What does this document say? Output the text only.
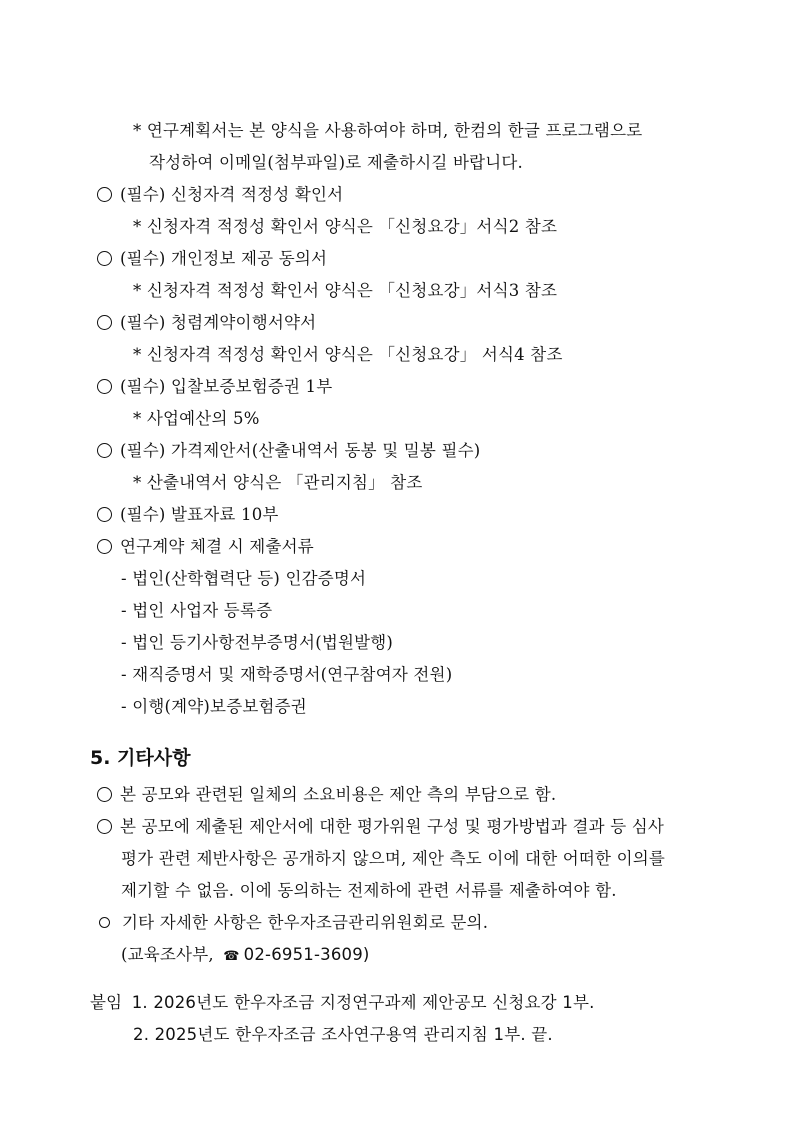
* 연구계획서는 본 양식을 사용하여야 하며, 한컴의 한글 프로그램으로
작성하여 이메일(첨부파일)로 제출하시길 바랍니다.
(필수) 신청자격 적정성 확인서
* 신청자격 적정성 확인서 양식은 「신청요강」서식2 참조
(필수) 개인정보 제공 동의서
* 신청자격 적정성 확인서 양식은 「신청요강」서식3 참조
(필수) 청렴계약이행서약서
* 신청자격 적정성 확인서 양식은 「신청요강」 서식4 참조
(필수) 입찰보증보험증권 1부
* 사업예산의 5%
(필수) 가격제안서(산출내역서 동봉 및 밀봉 필수)
* 산출내역서 양식은 「관리지침」 참조
(필수) 발표자료 10부
연구계약 체결 시 제출서류
- 법인(산학협력단 등) 인감증명서
- 법인 사업자 등록증
- 법인 등기사항전부증명서(법원발행)
- 재직증명서 및 재학증명서(연구참여자 전원)
- 이행(계약)보증보험증권
5. 기타사항
본 공모와 관련된 일체의 소요비용은 제안 측의 부담으로 함.
본 공모에 제출된 제안서에 대한 평가위원 구성 및 평가방법과 결과 등 심사
평가 관련 제반사항은 공개하지 않으며, 제안 측도 이에 대한 어떠한 이의를
제기할 수 없음. 이에 동의하는 전제하에 관련 서류를 제출하여야 함.
기타 자세한 사항은 한우자조금관리위원회로 문의.
(교육조사부, ☎ 02-6951-3609)
붙임 1. 2026년도 한우자조금 지정연구과제 제안공모 신청요강 1부.
2. 2025년도 한우자조금 조사연구용역 관리지침 1부. 끝.
